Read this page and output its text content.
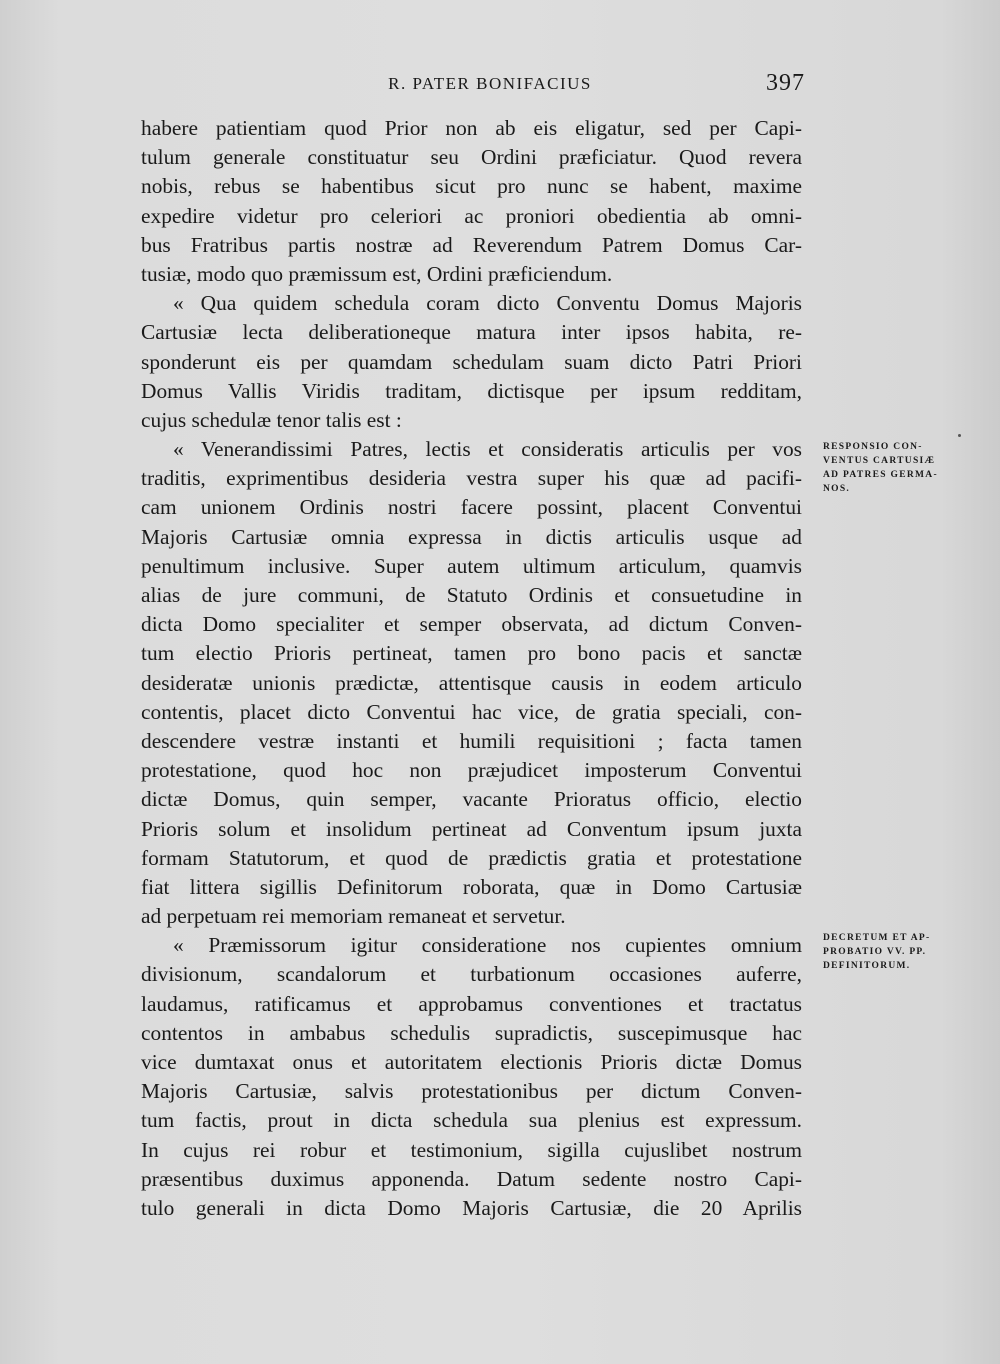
R. PATER BONIFACIUS	397
habere patientiam quod Prior non ab eis eligatur, sed per Capi-
tulum generale constituatur seu Ordini præficiatur. Quod revera
nobis, rebus se habentibus sicut pro nunc se habent, maxime
expedire videtur pro celeriori ac proniori obedientia ab omni-
bus Fratribus partis nostræ ad Reverendum Patrem Domus Car-
tusiæ, modo quo præmissum est, Ordini præficiendum.
« Qua quidem schedula coram dicto Conventu Domus Majoris
Cartusiæ lecta deliberationeque matura inter ipsos habita, re-
sponderunt eis per quamdam schedulam suam dicto Patri Priori
Domus Vallis Viridis traditam, dictisque per ipsum redditam,
cujus schedulæ tenor talis est :
« Venerandissimi Patres, lectis et consideratis articulis per vos
traditis, exprimentibus desideria vestra super his quæ ad pacifi-
cam unionem Ordinis nostri facere possint, placent Conventui
Majoris Cartusiæ omnia expressa in dictis articulis usque ad
penultimum inclusive. Super autem ultimum articulum, quamvis
alias de jure communi, de Statuto Ordinis et consuetudine in
dicta Domo specialiter et semper observata, ad dictum Conven-
tum electio Prioris pertineat, tamen pro bono pacis et sanctæ
desideratæ unionis prædictæ, attentisque causis in eodem articulo
contentis, placet dicto Conventui hac vice, de gratia speciali, con-
descendere vestræ instanti et humili requisitioni ; facta tamen
protestatione, quod hoc non præjudicet imposterum Conventui
dictæ Domus, quin semper, vacante Prioratus officio, electio
Prioris solum et insolidum pertineat ad Conventum ipsum juxta
formam Statutorum, et quod de prædictis gratia et protestatione
fiat littera sigillis Definitorum roborata, quæ in Domo Cartusiæ
ad perpetuam rei memoriam remaneat et servetur.
« Præmissorum igitur consideratione nos cupientes omnium
divisionum, scandalorum et turbationum occasiones auferre,
laudamus, ratificamus et approbamus conventiones et tractatus
contentos in ambabus schedulis supradictis, suscepimusque hac
vice dumtaxat onus et autoritatem electionis Prioris dictæ Domus
Majoris Cartusiæ, salvis protestationibus per dictum Conven-
tum factis, prout in dicta schedula sua plenius est expressum.
In cujus rei robur et testimonium, sigilla cujuslibet nostrum
præsentibus duximus apponenda. Datum sedente nostro Capi-
tulo generali in dicta Domo Majoris Cartusiæ, die 20 Aprilis
RESPONSIO CON-
VENTUS CARTUSIÆ
AD PATRES GERMA-
NOS.
DECRETUM ET AP-
PROBATIO VV. PP.
DEFINITORUM.
